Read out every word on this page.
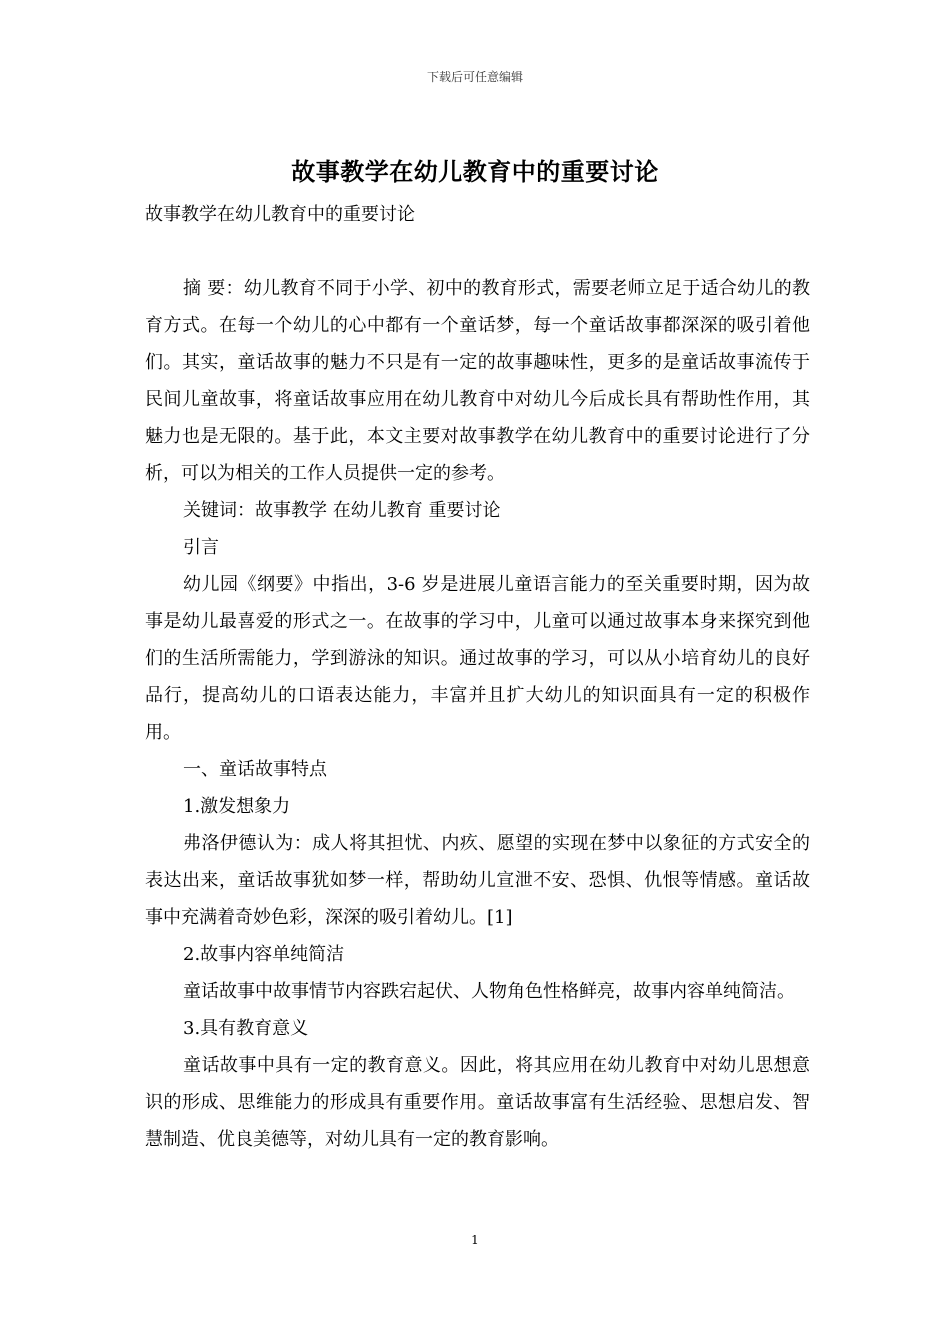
下载后可任意编辑
故事教学在幼儿教育中的重要讨论

故事教学在幼儿教育中的重要讨论

摘 要：幼儿教育不同于小学、初中的教育形式，需要老师立足于适合幼儿的教育方式。在每一个幼儿的心中都有一个童话梦，每一个童话故事都深深的吸引着他们。其实，童话故事的魅力不只是有一定的故事趣味性，更多的是童话故事流传于民间儿童故事，将童话故事应用在幼儿教育中对幼儿今后成长具有帮助性作用，其魅力也是无限的。基于此，本文主要对故事教学在幼儿教育中的重要讨论进行了分析，可以为相关的工作人员提供一定的参考。

关键词：故事教学 在幼儿教育 重要讨论

引言

幼儿园《纲要》中指出，3-6 岁是进展儿童语言能力的至关重要时期，因为故事是幼儿最喜爱的形式之一。在故事的学习中，儿童可以通过故事本身来探究到他们的生活所需能力，学到游泳的知识。通过故事的学习，可以从小培育幼儿的良好品行，提高幼儿的口语表达能力，丰富并且扩大幼儿的知识面具有一定的积极作用。

一、童话故事特点

1.激发想象力

弗洛伊德认为：成人将其担忧、内疚、愿望的实现在梦中以象征的方式安全的表达出来，童话故事犹如梦一样，帮助幼儿宣泄不安、恐惧、仇恨等情感。童话故事中充满着奇妙色彩，深深的吸引着幼儿。[1]

2.故事内容单纯简洁

童话故事中故事情节内容跌宕起伏、人物角色性格鲜亮，故事内容单纯简洁。

3.具有教育意义

童话故事中具有一定的教育意义。因此，将其应用在幼儿教育中对幼儿思想意识的形成、思维能力的形成具有重要作用。童话故事富有生活经验、思想启发、智慧制造、优良美德等，对幼儿具有一定的教育影响。

1
